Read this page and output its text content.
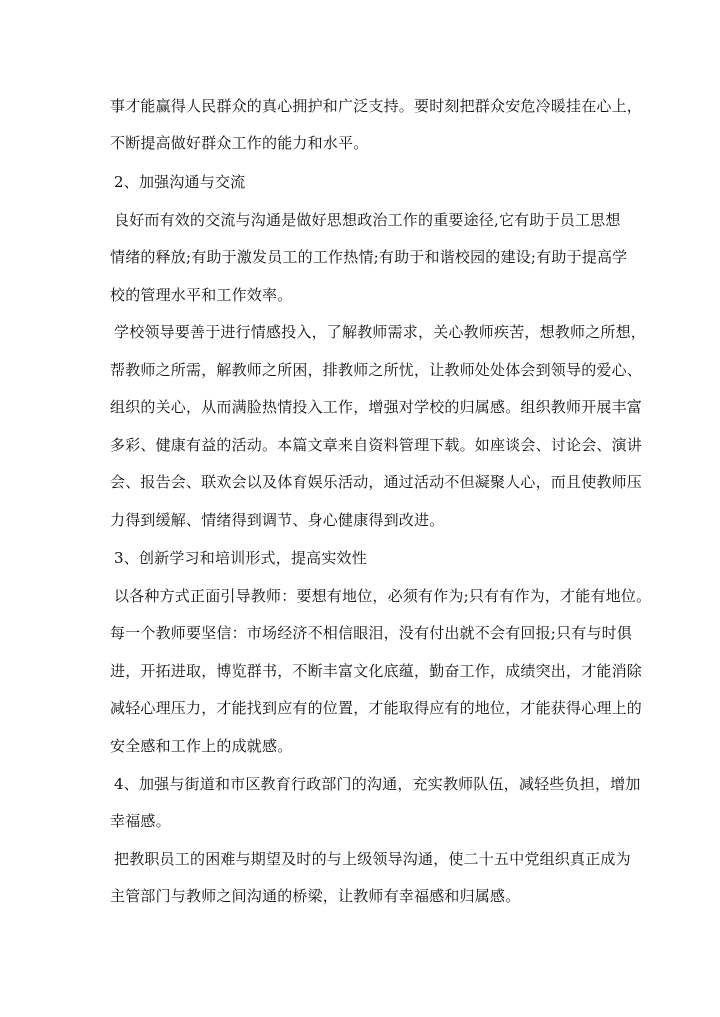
事才能赢得人民群众的真心拥护和广泛支持。要时刻把群众安危冷暖挂在心上，
不断提高做好群众工作的能力和水平。
2、加强沟通与交流
良好而有效的交流与沟通是做好思想政治工作的重要途径,它有助于员工思想
情绪的释放;有助于激发员工的工作热情;有助于和谐校园的建设;有助于提高学
校的管理水平和工作效率。
学校领导要善于进行情感投入，了解教师需求，关心教师疾苦，想教师之所想，
帮教师之所需，解教师之所困，排教师之所忧，让教师处处体会到领导的爱心、
组织的关心，从而满脸热情投入工作，增强对学校的归属感。组织教师开展丰富
多彩、健康有益的活动。本篇文章来自资料管理下载。如座谈会、讨论会、演讲
会、报告会、联欢会以及体育娱乐活动，通过活动不但凝聚人心，而且使教师压
力得到缓解、情绪得到调节、身心健康得到改进。
3、创新学习和培训形式，提高实效性
以各种方式正面引导教师：要想有地位，必须有作为;只有有作为，才能有地位。
每一个教师要坚信：市场经济不相信眼泪，没有付出就不会有回报;只有与时俱
进，开拓进取，博览群书，不断丰富文化底蕴，勤奋工作，成绩突出，才能消除
减轻心理压力，才能找到应有的位置，才能取得应有的地位，才能获得心理上的
安全感和工作上的成就感。
4、加强与街道和市区教育行政部门的沟通，充实教师队伍，减轻些负担，增加
幸福感。
把教职员工的困难与期望及时的与上级领导沟通，使二十五中党组织真正成为
主管部门与教师之间沟通的桥梁，让教师有幸福感和归属感。
